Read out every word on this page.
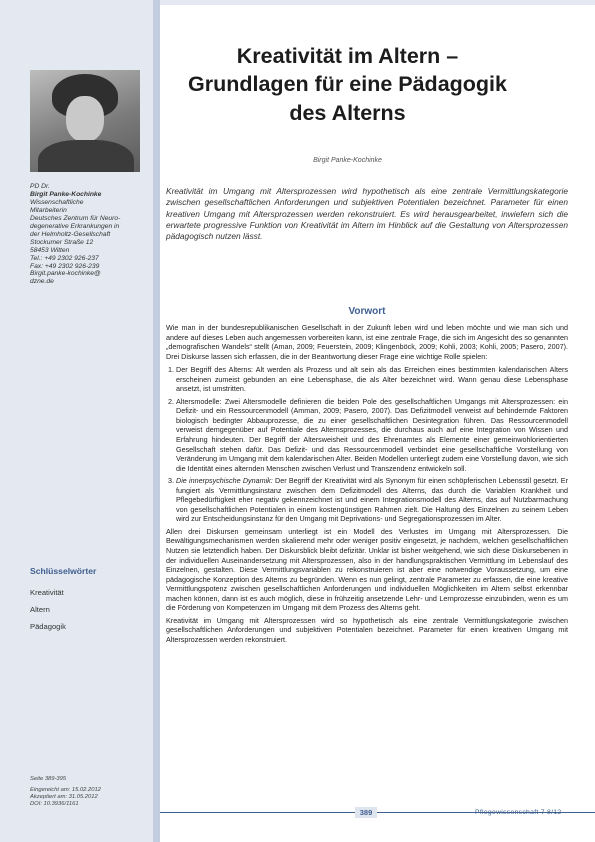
PD Dr.
Birgit Panke-Kochinke
Wissenschaftliche
Mitarbeiterin
Deutsches Zentrum für Neuro-
degenerative Erkrankungen in
der Helmholtz-Gesellschaft
Stockumer Straße 12
58453 Witten
Tel.: +49 2302 926-237
Fax: +49 2302 926-239
Birgit.panke-kochinke@
dzne.de
Schlüsselwörter
Kreativität
Altern
Pädagogik
Seite 389-395
Eingereicht am: 15.02.2012
Akzeptiert am: 31.05.2012
DOI: 10.3936/1161
Kreativität im Altern –
Grundlagen für eine Pädagogik
des Alterns
Birgit Panke-Kochinke
Kreativität im Umgang mit Altersprozessen wird hypothetisch als eine zentrale Vermittlungskategorie zwischen gesellschaftlichen Anforderungen und subjektiven Potentialen bezeichnet. Parameter für einen kreativen Umgang mit Altersprozessen werden rekonstruiert. Es wird herausgearbeitet, inwiefern sich die erwartete progressive Funktion von Kreativität im Altern im Hinblick auf die Gestaltung von Altersprozessen pädagogisch nutzen lässt.
Vorwort

Wie man in der bundesrepublikanischen Gesellschaft in der Zukunft leben wird und leben möchte und wie man sich und andere auf dieses Leben auch angemessen vorbereiten kann, ist eine zentrale Frage, die sich im Angesicht des so genannten „demografischen Wandels“ stellt (Aman, 2009; Feuerstein, 2009; Klingenböck, 2009; Kohli, 2003; Kohli, 2005; Pasero, 2007). Drei Diskurse lassen sich erfassen, die in der Beantwortung dieser Frage eine wichtige Rolle spielen:

1. Der Begriff des Alterns: Alt werden als Prozess und alt sein als das Erreichen eines bestimmten kalendarischen Alters erscheinen zumeist gebunden an eine Lebensphase, die als Alter bezeichnet wird. Wann genau diese Lebensphase ansetzt, ist umstritten.
2. Altersmodelle: Zwei Altersmodelle definieren die beiden Pole des gesellschaftlichen Umgangs mit Altersprozessen: ein Defizit- und ein Ressourcenmodell (Amman, 2009; Pasero, 2007). Das Defizitmodell verweist auf behindernde Faktoren biologisch bedingter Abbauprozesse, die zu einer gesellschaftlichen Desintegration führen. Das Ressourcenmodell verweist demgegenüber auf Potentiale des Alternsprozesses, die durchaus auch auf eine Integration von Wissen und Erfahrung hindeuten. Der Begriff der Altersweisheit und des Ehrenamtes als Elemente einer gemeinwohlorientierten Gesellschaft stehen dafür. Das Defizit- und das Ressourcenmodell verbindet eine gesellschaftliche Vorstellung von Veränderung im Umgang mit dem kalendarischen Alter. Beiden Modellen unterliegt zudem eine Vorstellung davon, wie sich die Identität eines alternden Menschen zwischen Verlust und Transzendenz entwickeln soll.
3. Die innerpsychische Dynamik: Der Begriff der Kreativität wird als Synonym für einen schöpferischen Lebensstil gesetzt. Er fungiert als Vermittlungsinstanz zwischen dem Defizitmodell des Alterns, das durch die Variablen Krankheit und Pflegebedürftigkeit eher negativ gekennzeichnet ist und einem Integrationsmodell des Alterns, das auf Nutzbarmachung von gesellschaftlichen Potentialen in einem kostengünstigen Rahmen zielt. Die Haltung des Einzelnen zu seinem Leben wird zur Entscheidungsinstanz für den Umgang mit Deprivations- und Segregationsprozessen im Alter.

Allen drei Diskursen gemeinsam unterliegt ist ein Modell des Verlustes im Umgang mit Altersprozessen. Die Bewältigungsmechanismen werden skalierend mehr oder weniger positiv eingesetzt, je nachdem, welchen gesellschaftlichen Nutzen sie letztendlich haben. Der Diskursblick bleibt defizitär. Unklar ist bisher weitgehend, wie sich diese Diskursebenen in der individuellen Auseinandersetzung mit Altersprozessen, also in der handlungspraktischen Vermittlung im Lebenslauf des Einzelnen, gestalten. Diese Vermittlungsvariablen zu rekonstruieren ist aber eine notwendige Voraussetzung, um eine pädagogische Konzeption des Alterns zu begründen. Wenn es nun gelingt, zentrale Parameter zu erfassen, die eine kreative Vermittlungspotenz zwischen gesellschaftlichen Anforderungen und individuellen Möglichkeiten im Altern selbst erkennbar machen können, dann ist es auch möglich, diese in frühzeitig ansetzende Lehr- und Lernprozesse einzubinden, wenn es um die Förderung von Kompetenzen im Umgang mit dem Prozess des Alterns geht.

Kreativität im Umgang mit Altersprozessen wird so hypothetisch als eine zentrale Vermittlungskategorie zwischen gesellschaftlichen Anforderungen und subjektiven Potentialen bezeichnet. Parameter für einen kreativen Umgang mit Altersprozessen werden rekonstruiert.

389	Pflegewissenschaft 7 8/12
